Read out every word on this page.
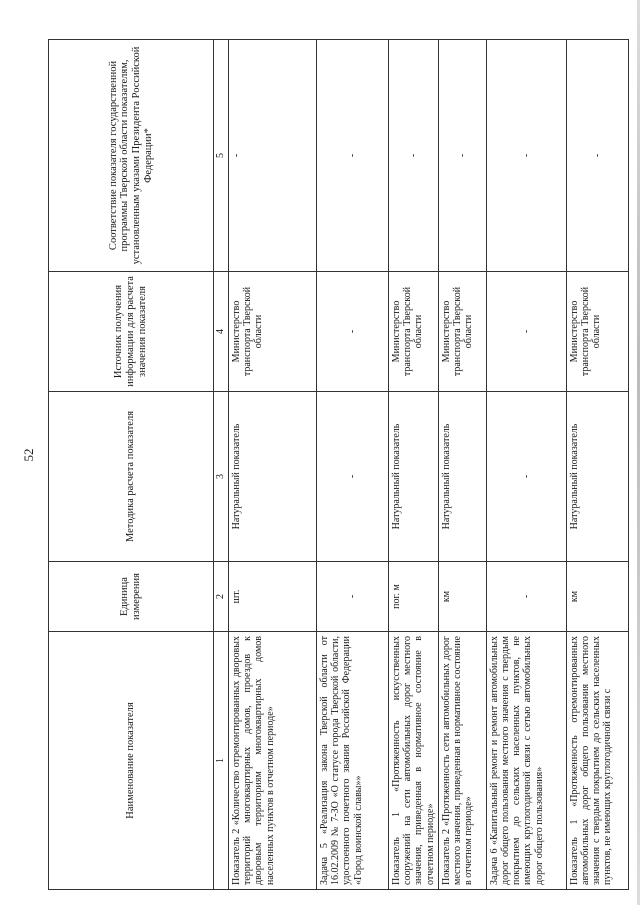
52
Наименование показателя	Единица измерения	Методика расчета показателя	Источник получения информации для расчета значения показателя	Соответствие показателя государственной программы Тверской области показателям, установленным указами Президента Российской Федерации*
1	2	3	4	5
Показатель 2 «Количество отремонтированных дворовых территорий многоквартирных домов, проездов к дворовым территориям многоквартирных домов населенных пунктов в отчетном периоде»	шт.	Натуральный показатель	Министерство транспорта Тверской области	-
Задача 5 «Реализация закона Тверской области от 16.02.2009 № 7-ЗО «О статусе города Тверской области, удостоенного почетного звания Российской Федерации «Город воинской славы»»	-	-	-	-
Показатель 1 «Протяженность искусственных сооружений на сети автомобильных дорог местного значения, приведенная в нормативное состояние в отчетном периоде»	пог. м	Натуральный показатель	Министерство транспорта Тверской области	-
Показатель 2 «Протяженность сети автомобильных дорог местного значения, приведенная в нормативное состояние в отчетном периоде»	км	Натуральный показатель	Министерство транспорта Тверской области	-
Задача 6 «Капитальный ремонт и ремонт автомобильных дорог общего пользования местного значения с твердым покрытием до сельских населенных пунктов, не имеющих круглогодичной связи с сетью автомобильных дорог общего пользования»	-	-	-	-
Показатель 1 «Протяженность отремонтированных автомобильных дорог общего пользования местного значения с твердым покрытием до сельских населенных пунктов, не имеющих круглогодичной связи с	км	Натуральный показатель	Министерство транспорта Тверской области	-
